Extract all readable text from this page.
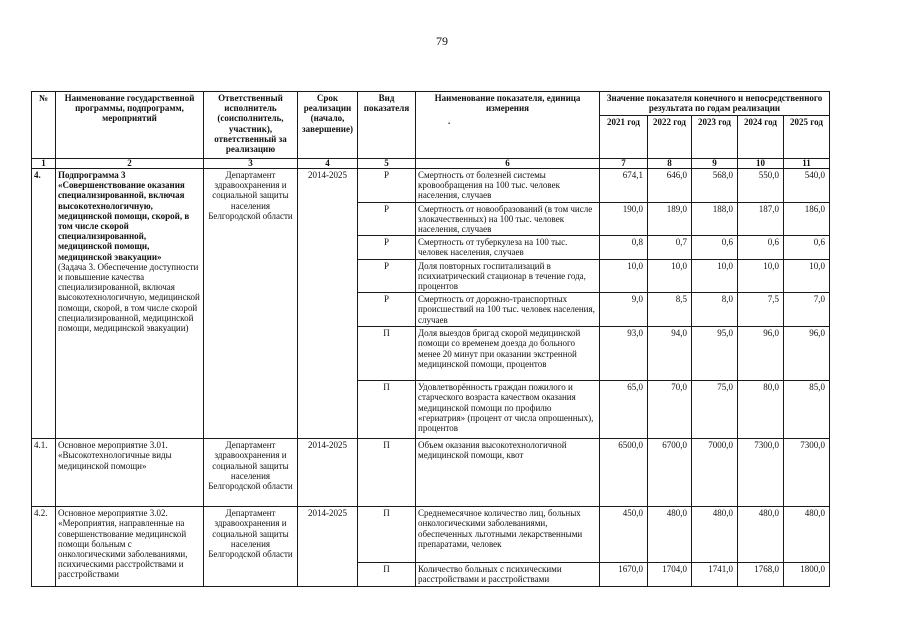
79
№	Наименование государственной программы, подпрограмм, мероприятий	Ответственный исполнитель (соисполнитель, участник), ответственный за реализацию	Срок реализации (начало, завершение)	Вид показателя	Наименование показателя, единица измерения
.	Значение показателя конечного и непосредственного результата по годам реализации				
						2021 год	2022 год	2023 год	2024 год	2025 год
1	2	3	4	5	6	7	8	9	10	11
4.	Подпрограмма 3 «Совершенствование оказания специализированной, включая высокотехнологичную, медицинской помощи, скорой, в том числе скорой специализированной, медицинской помощи, медицинской эвакуации»
(Задача 3. Обеспечение доступности и повышение качества специализированной, включая высокотехнологичную, медицинской помощи, скорой, в том числе скорой специализированной, медицинской помощи, медицинской эвакуации)	Департамент здравоохранения и социальной защиты населения Белгородской области	2014-2025	Р	Смертность от болезней системы кровообращения на 100 тыс. человек населения, случаев	674,1	646,0	568,0	550,0	540,0
				Р	Смертность от новообразований (в том числе злокачественных) на 100 тыс. человек населения, случаев	190,0	189,0	188,0	187,0	186,0
				Р	Смертность от туберкулеза на 100 тыс. человек населения, случаев	0,8	0,7	0,6	0,6	0,6
				Р	Доля повторных госпитализаций в психиатрический стационар в течение года, процентов	10,0	10,0	10,0	10,0	10,0
				Р	Смертность от дорожно-транспортных происшествий на 100 тыс. человек населения, случаев	9,0	8,5	8,0	7,5	7,0
				П	Доля выездов бригад скорой медицинской помощи со временем доезда до больного менее 20 минут при оказании экстренной медицинской помощи, процентов	93,0	94,0	95,0	96,0	96,0
				П	Удовлетворённость граждан пожилого и старческого возраста качеством оказания медицинской помощи по профилю «гериатрия» (процент от числа опрошенных), процентов	65,0	70,0	75,0	80,0	85,0
4.1.	Основное мероприятие 3.01. «Высокотехнологичные виды медицинской помощи»	Департамент здравоохранения и социальной защиты населения Белгородской области	2014-2025	П	Объем оказания высокотехнологичной медицинской помощи, квот	6500,0	6700,0	7000,0	7300,0	7300,0
4.2.	Основное мероприятие 3.02. «Мероприятия, направленные на совершенствование медицинской помощи больным с онкологическими заболеваниями, психическими расстройствами и расстройствами	Департамент здравоохранения и социальной защиты населения Белгородской области	2014-2025	П	Среднемесячное количество лиц, больных онкологическими заболеваниями, обеспеченных льготными лекарственными препаратами, человек	450,0	480,0	480,0	480,0	480,0
				П	Количество больных с психическими расстройствами и расстройствами	1670,0	1704,0	1741,0	1768,0	1800,0
